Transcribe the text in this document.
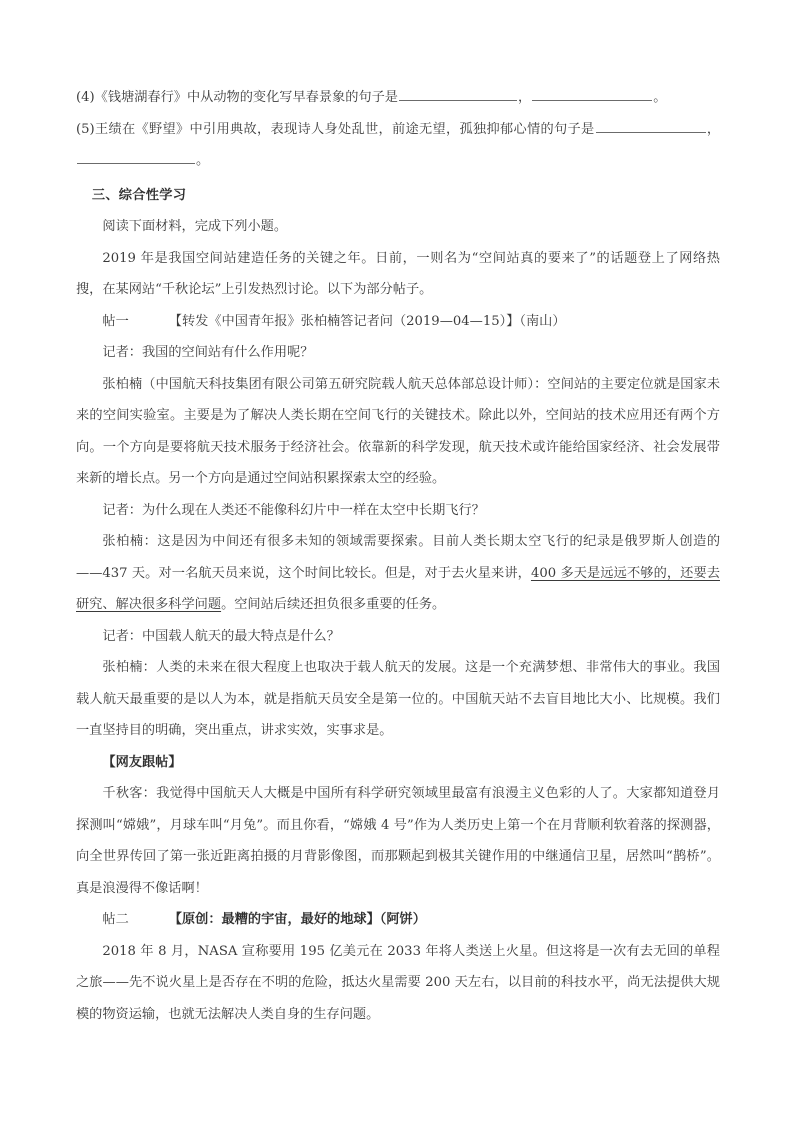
(4)《钱塘湖春行》中从动物的变化写早春景象的句子是	，	。

(5)王绩在《野望》中引用典故，表现诗人身处乱世，前途无望，孤独抑郁心情的句子是	，。

三、综合性学习

阅读下面材料，完成下列小题。

2019 年是我国空间站建造任务的关键之年。日前，一则名为“空间站真的要来了”的话题登上了网络热搜，在某网站“千秋论坛”上引发热烈讨论。以下为部分帖子。

帖一	【转发《中国青年报》张柏楠答记者问（2019—04—15）】（南山）

记者：我国的空间站有什么作用呢？

张柏楠（中国航天科技集团有限公司第五研究院载人航天总体部总设计师）：空间站的主要定位就是国家未来的空间实验室。主要是为了解决人类长期在空间飞行的关键技术。除此以外，空间站的技术应用还有两个方向。一个方向是要将航天技术服务于经济社会。依靠新的科学发现，航天技术或许能给国家经济、社会发展带来新的增长点。另一个方向是通过空间站积累探索太空的经验。

记者：为什么现在人类还不能像科幻片中一样在太空中长期飞行？

张柏楠：这是因为中间还有很多未知的领域需要探索。目前人类长期太空飞行的纪录是俄罗斯人创造的——437 天。对一名航天员来说，这个时间比较长。但是，对于去火星来讲，400 多天是远远不够的，还要去研究、解决很多科学问题。空间站后续还担负很多重要的任务。

记者：中国载人航天的最大特点是什么？

张柏楠：人类的未来在很大程度上也取决于载人航天的发展。这是一个充满梦想、非常伟大的事业。我国载人航天最重要的是以人为本，就是指航天员安全是第一位的。中国航天站不去盲目地比大小、比规模。我们一直坚持目的明确，突出重点，讲求实效，实事求是。

【网友跟帖】

千秋客：我觉得中国航天人大概是中国所有科学研究领域里最富有浪漫主义色彩的人了。大家都知道登月探测叫“嫦娥”，月球车叫“月兔”。而且你看，“嫦娥 4 号”作为人类历史上第一个在月背顺利软着落的探测器，向全世界传回了第一张近距离拍摄的月背影像图，而那颗起到极其关键作用的中继通信卫星，居然叫“鹊桥”。真是浪漫得不像话啊！

帖二	【原创：最糟的宇宙，最好的地球】（阿饼）

2018 年 8 月，NASA 宣称要用 195 亿美元在 2033 年将人类送上火星。但这将是一次有去无回的单程之旅——先不说火星上是否存在不明的危险，抵达火星需要 200 天左右，以目前的科技水平，尚无法提供大规模的物资运输，也就无法解决人类自身的生存问题。
